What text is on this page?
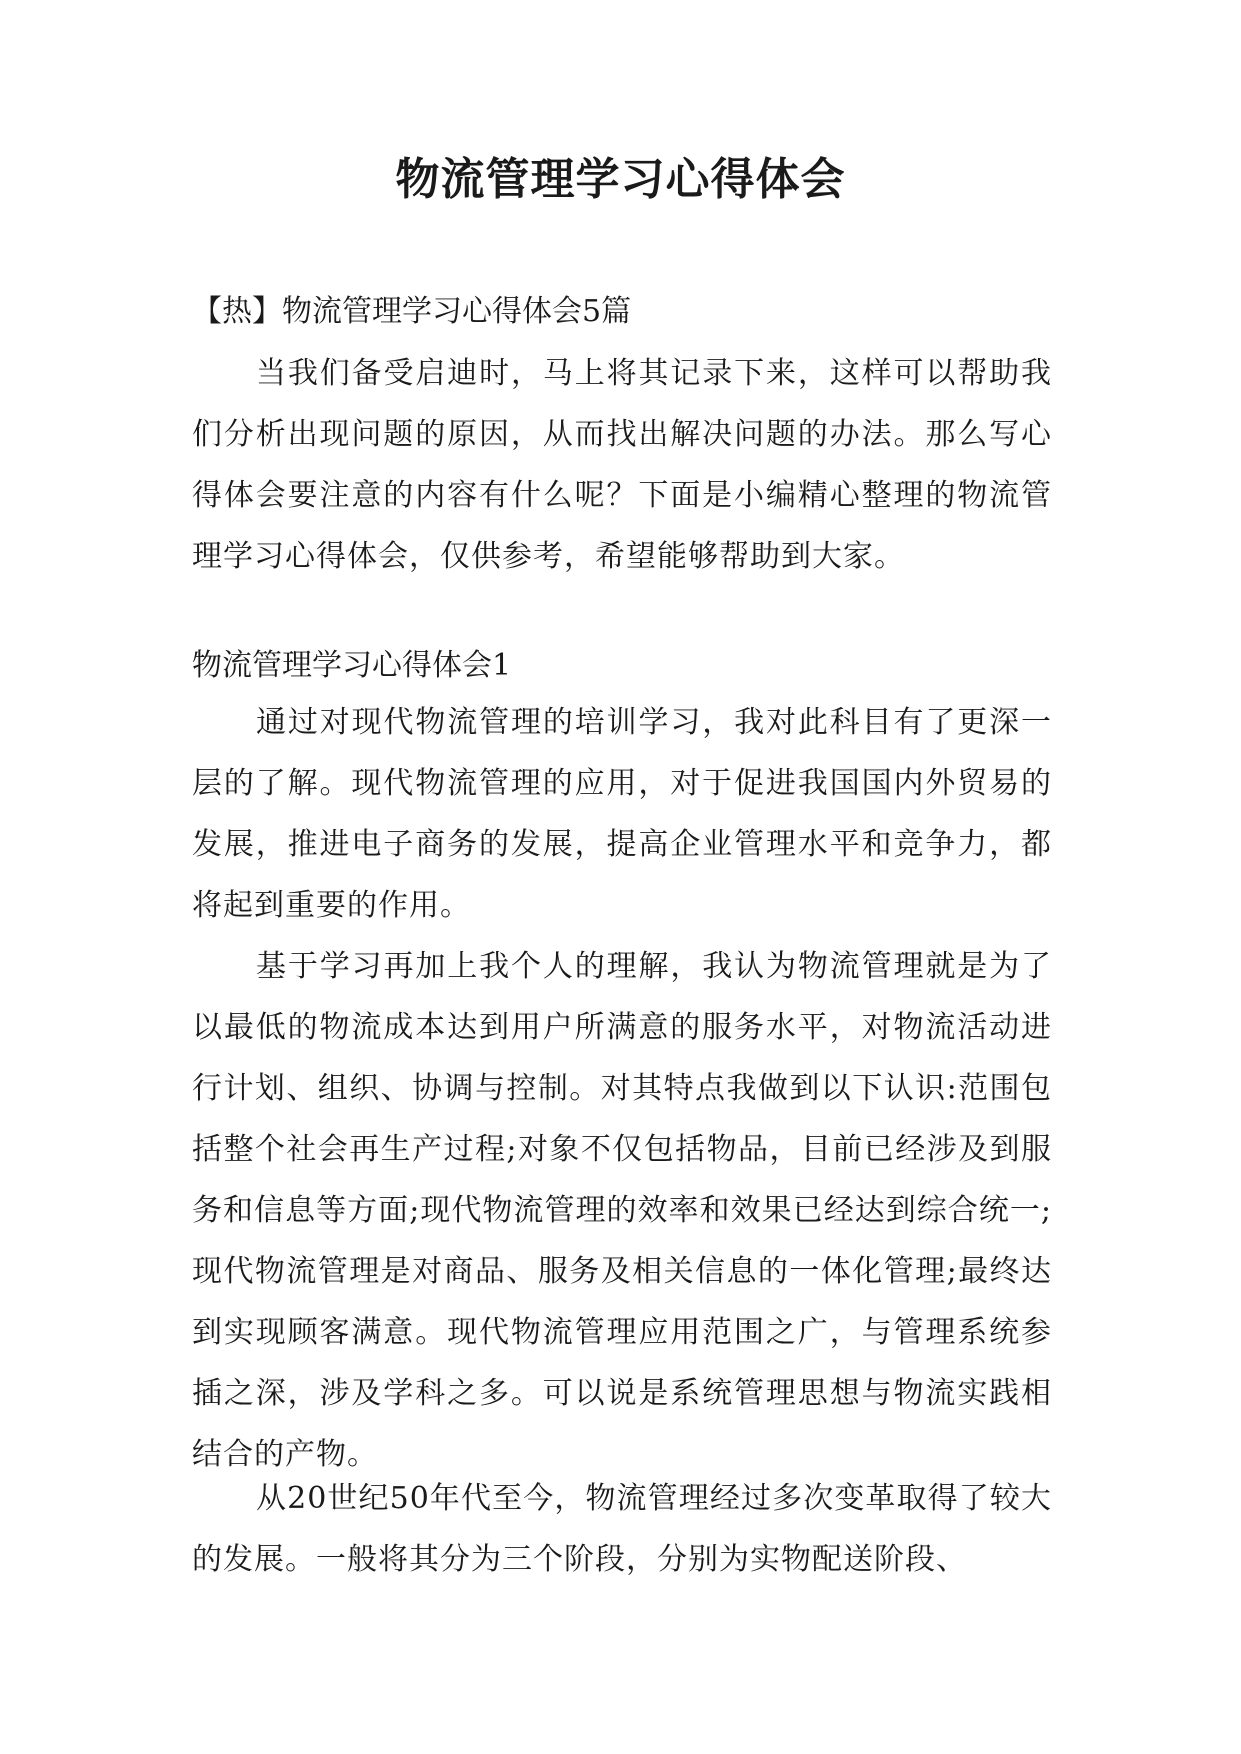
物流管理学习心得体会
【热】物流管理学习心得体会5篇

当我们备受启迪时，马上将其记录下来，这样可以帮助我们分析出现问题的原因，从而找出解决问题的办法。那么写心得体会要注意的内容有什么呢？下面是小编精心整理的物流管理学习心得体会，仅供参考，希望能够帮助到大家。

物流管理学习心得体会1

通过对现代物流管理的培训学习，我对此科目有了更深一层的了解。现代物流管理的应用，对于促进我国国内外贸易的发展，推进电子商务的发展，提高企业管理水平和竞争力，都将起到重要的作用。

基于学习再加上我个人的理解，我认为物流管理就是为了以最低的物流成本达到用户所满意的服务水平，对物流活动进行计划、组织、协调与控制。对其特点我做到以下认识:范围包括整个社会再生产过程;对象不仅包括物品，目前已经涉及到服务和信息等方面;现代物流管理的效率和效果已经达到综合统一;现代物流管理是对商品、服务及相关信息的一体化管理;最终达到实现顾客满意。现代物流管理应用范围之广，与管理系统参插之深，涉及学科之多。可以说是系统管理思想与物流实践相结合的产物。

从20世纪50年代至今，物流管理经过多次变革取得了较大的发展。一般将其分为三个阶段，分别为实物配送阶段、
